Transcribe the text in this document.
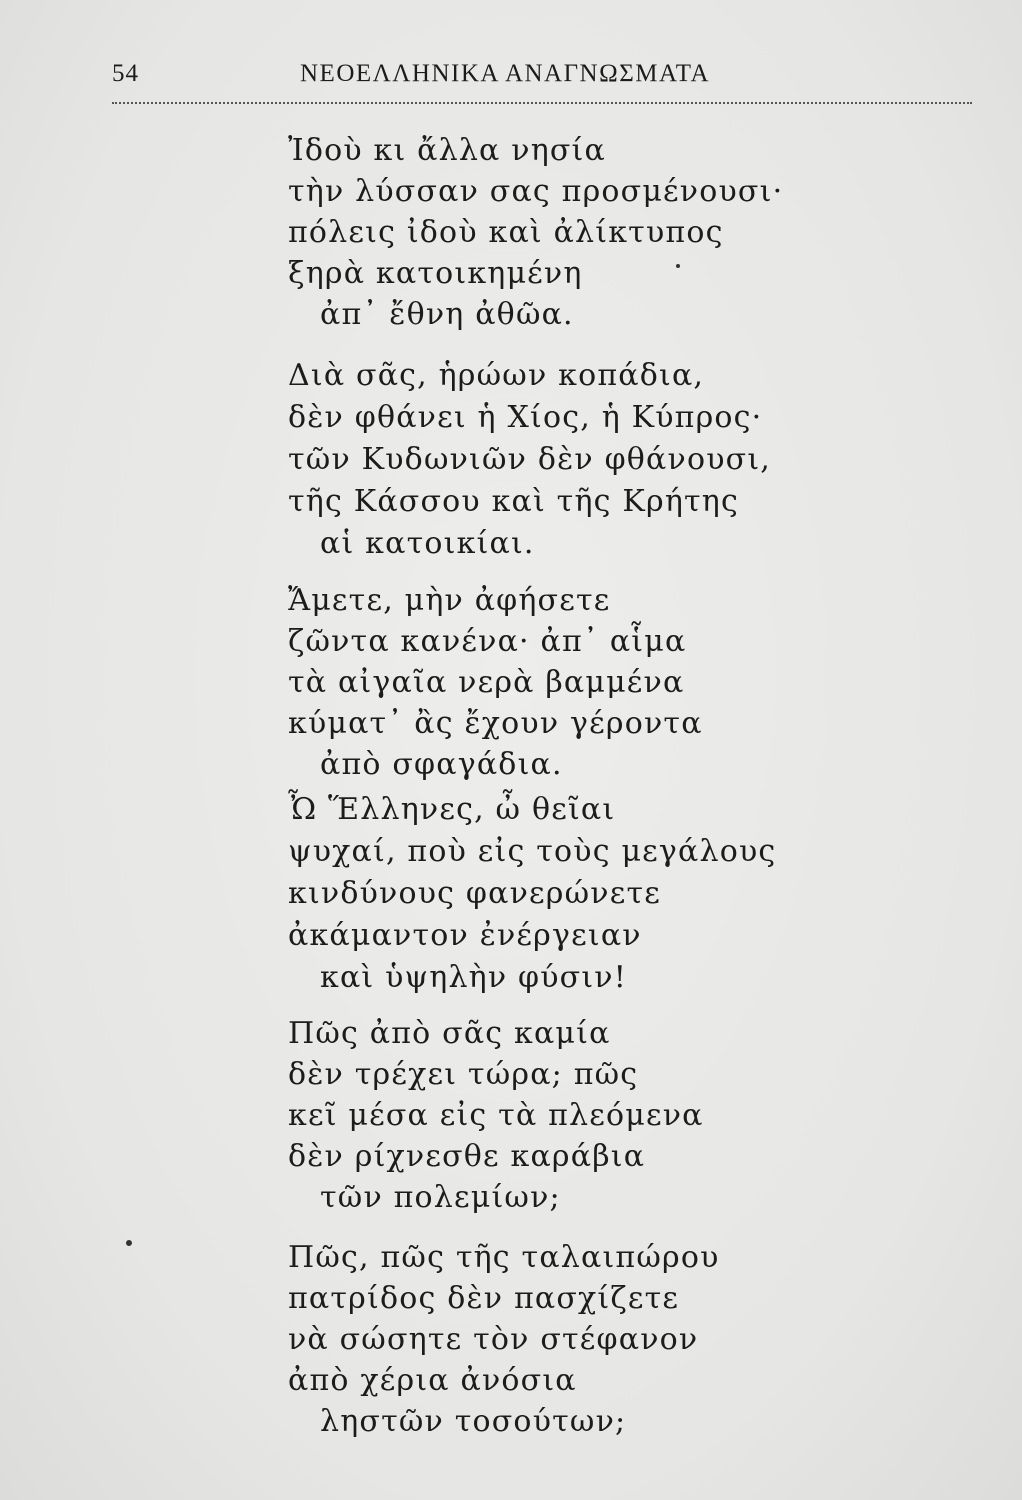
54	ΝΕΟΕΛΛΗΝΙΚΑ ΑΝΑΓΝΩΣΜΑΤΑ
Ἰδοὺ κι ἄλλα νησία
τὴν λύσσαν σας προσμένουσι·
πόλεις ἰδοὺ καὶ ἀλίκτυπος
ξηρὰ κατοικημένη
ἀπ᾿ ἔθνη ἀθῶα.
Διὰ σᾶς, ἡρώων κοπάδια,
δὲν φθάνει ἡ Χίος, ἡ Κύπρος·
τῶν Κυδωνιῶν δὲν φθάνουσι,
τῆς Κάσσου καὶ τῆς Κρήτης
αἱ κατοικίαι.
Ἄμετε, μὴν ἀφήσετε
ζῶντα κανένα· ἀπ᾿ αἷμα
τὰ αἰγαῖα νερὰ βαμμένα
κύματ᾿ ἂς ἔχουν γέροντα
ἀπὸ σφαγάδια.
Ὦ Ἕλληνες, ὦ θεῖαι
ψυχαί, ποὺ εἰς τοὺς μεγάλους
κινδύνους φανερώνετε
ἀκάμαντον ἐνέργειαν
καὶ ὑψηλὴν φύσιν!
Πῶς ἀπὸ σᾶς καμία
δὲν τρέχει τώρα; πῶς
κεῖ μέσα εἰς τὰ πλεόμενα
δὲν ρίχνεσθε καράβια
τῶν πολεμίων;
Πῶς, πῶς τῆς ταλαιπώρου
πατρίδος δὲν πασχίζετε
νὰ σώσητε τὸν στέφανον
ἀπὸ χέρια ἀνόσια
ληστῶν τοσούτων;
